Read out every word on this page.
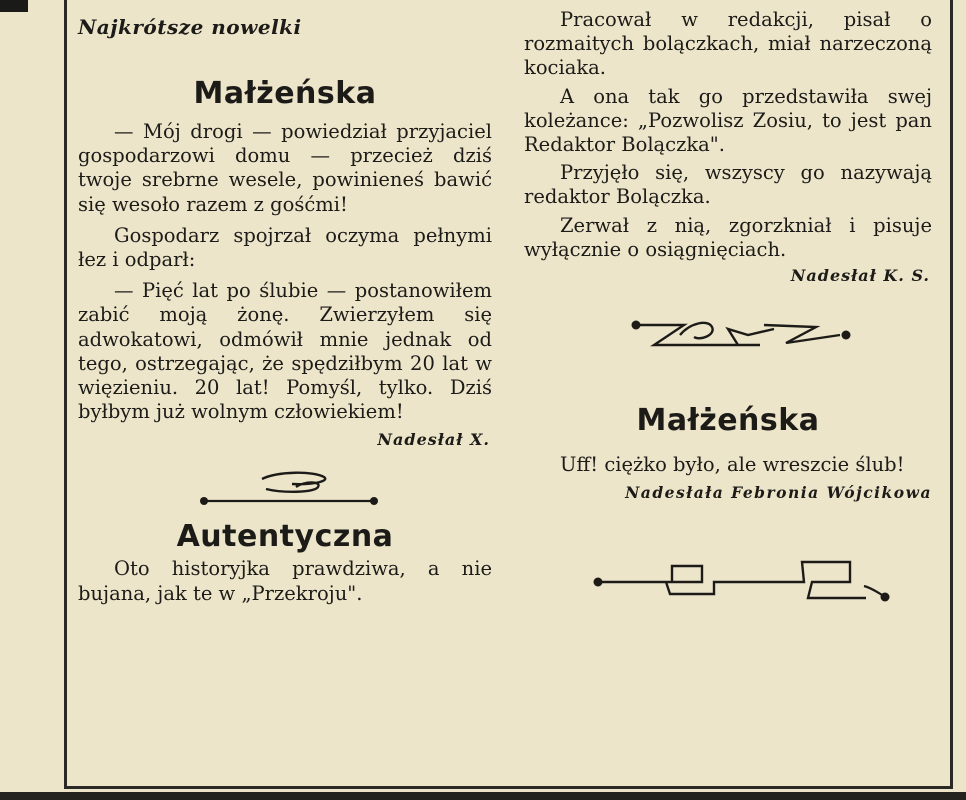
Najkrótsze nowelki
Małżeńska

— Mój drogi — powiedział przyjaciel gospodarzowi domu — przecież dziś twoje srebrne wesele, powinieneś bawić się wesoło razem z gośćmi!

Gospodarz spojrzał oczyma pełnymi łez i odparł:

— Pięć lat po ślubie — postanowiłem zabić moją żonę. Zwierzyłem się adwokatowi, odmówił mnie jednak od tego, ostrzegając, że spędziłbym 20 lat w więzieniu. 20 lat! Pomyśl, tylko. Dziś byłbym już wolnym człowiekiem!

Nadesłał X.

Autentyczna

Oto historyjka prawdziwa, a nie bujana, jak te w „Przekroju".

Pracował w redakcji, pisał o rozmaitych bolączkach, miał narzeczoną kociaka.

A ona tak go przedstawiła swej koleżance: „Pozwolisz Zosiu, to jest pan Redaktor Bolączka".

Przyjęło się, wszyscy go nazywają redaktor Bolączka.

Zerwał z nią, zgorzkniał i pisuje wyłącznie o osiągnięciach.

Nadesłał K. S.

Małżeńska

Uff! ciężko było, ale wreszcie ślub!

Nadesłała Febronia Wójcikowa
